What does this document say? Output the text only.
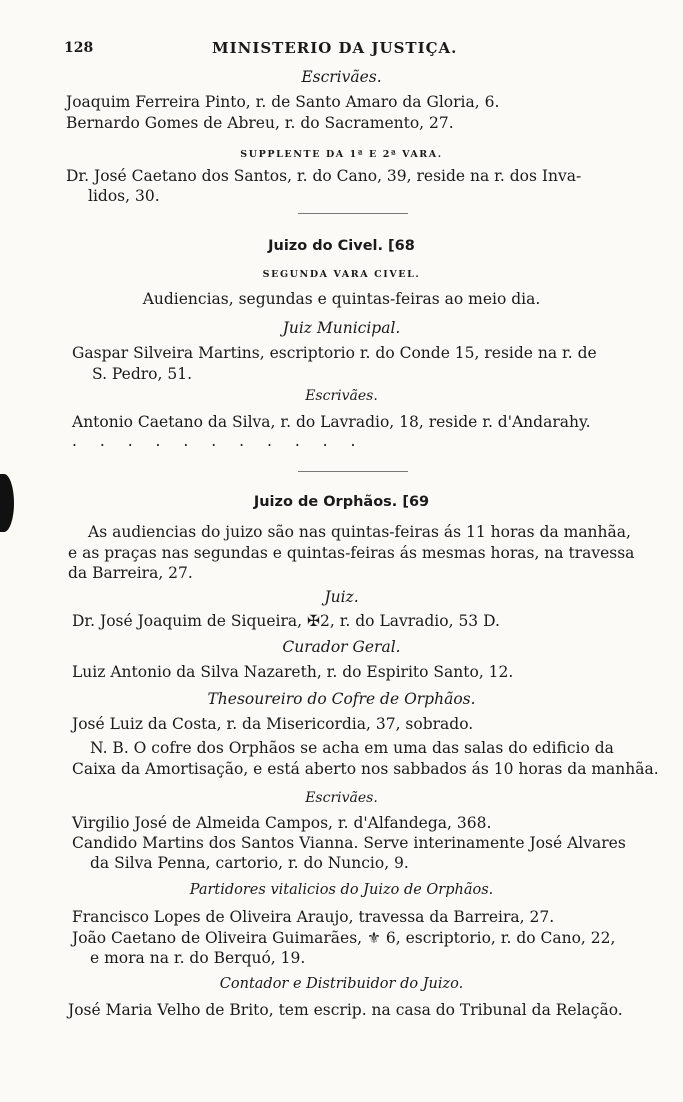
128	MINISTERIO DA JUSTIÇA.
Escrivães.
Joaquim Ferreira Pinto, r. de Santo Amaro da Gloria, 6.
Bernardo Gomes de Abreu, r. do Sacramento, 27.
SUPPLENTE DA 1ª E 2ª VARA.
Dr. José Caetano dos Santos, r. do Cano, 39, reside na r. dos Inva-
lidos, 30.
Juizo do Civel. [68
SEGUNDA VARA CIVEL.
Audiencias, segundas e quintas-feiras ao meio dia.
Juiz Municipal.
Gaspar Silveira Martins, escriptorio r. do Conde 15, reside na r. de
S. Pedro, 51.
Escrivães.
Antonio Caetano da Silva, r. do Lavradio, 18, reside r. d'Andarahy.
. . . . . . . . . . .
Juizo de Orphãos. [69
As audiencias do juizo são nas quintas-feiras ás 11 horas da manhãa,
e as praças nas segundas e quintas-feiras ás mesmas horas, na travessa
da Barreira, 27.
Juiz.
Dr. José Joaquim de Siqueira, ✠2, r. do Lavradio, 53 D.
Curador Geral.
Luiz Antonio da Silva Nazareth, r. do Espirito Santo, 12.
Thesoureiro do Cofre de Orphãos.
José Luiz da Costa, r. da Misericordia, 37, sobrado.
N. B. O cofre dos Orphãos se acha em uma das salas do edificio da
Caixa da Amortisação, e está aberto nos sabbados ás 10 horas da manhãa.
Escrivães.
Virgilio José de Almeida Campos, r. d'Alfandega, 368.
Candido Martins dos Santos Vianna. Serve interinamente José Alvares
da Silva Penna, cartorio, r. do Nuncio, 9.
Partidores vitalicios do Juizo de Orphãos.
Francisco Lopes de Oliveira Araujo, travessa da Barreira, 27.
João Caetano de Oliveira Guimarães, ⚜ 6, escriptorio, r. do Cano, 22,
e mora na r. do Berquó, 19.
Contador e Distribuidor do Juizo.
José Maria Velho de Brito, tem escrip. na casa do Tribunal da Relação.
